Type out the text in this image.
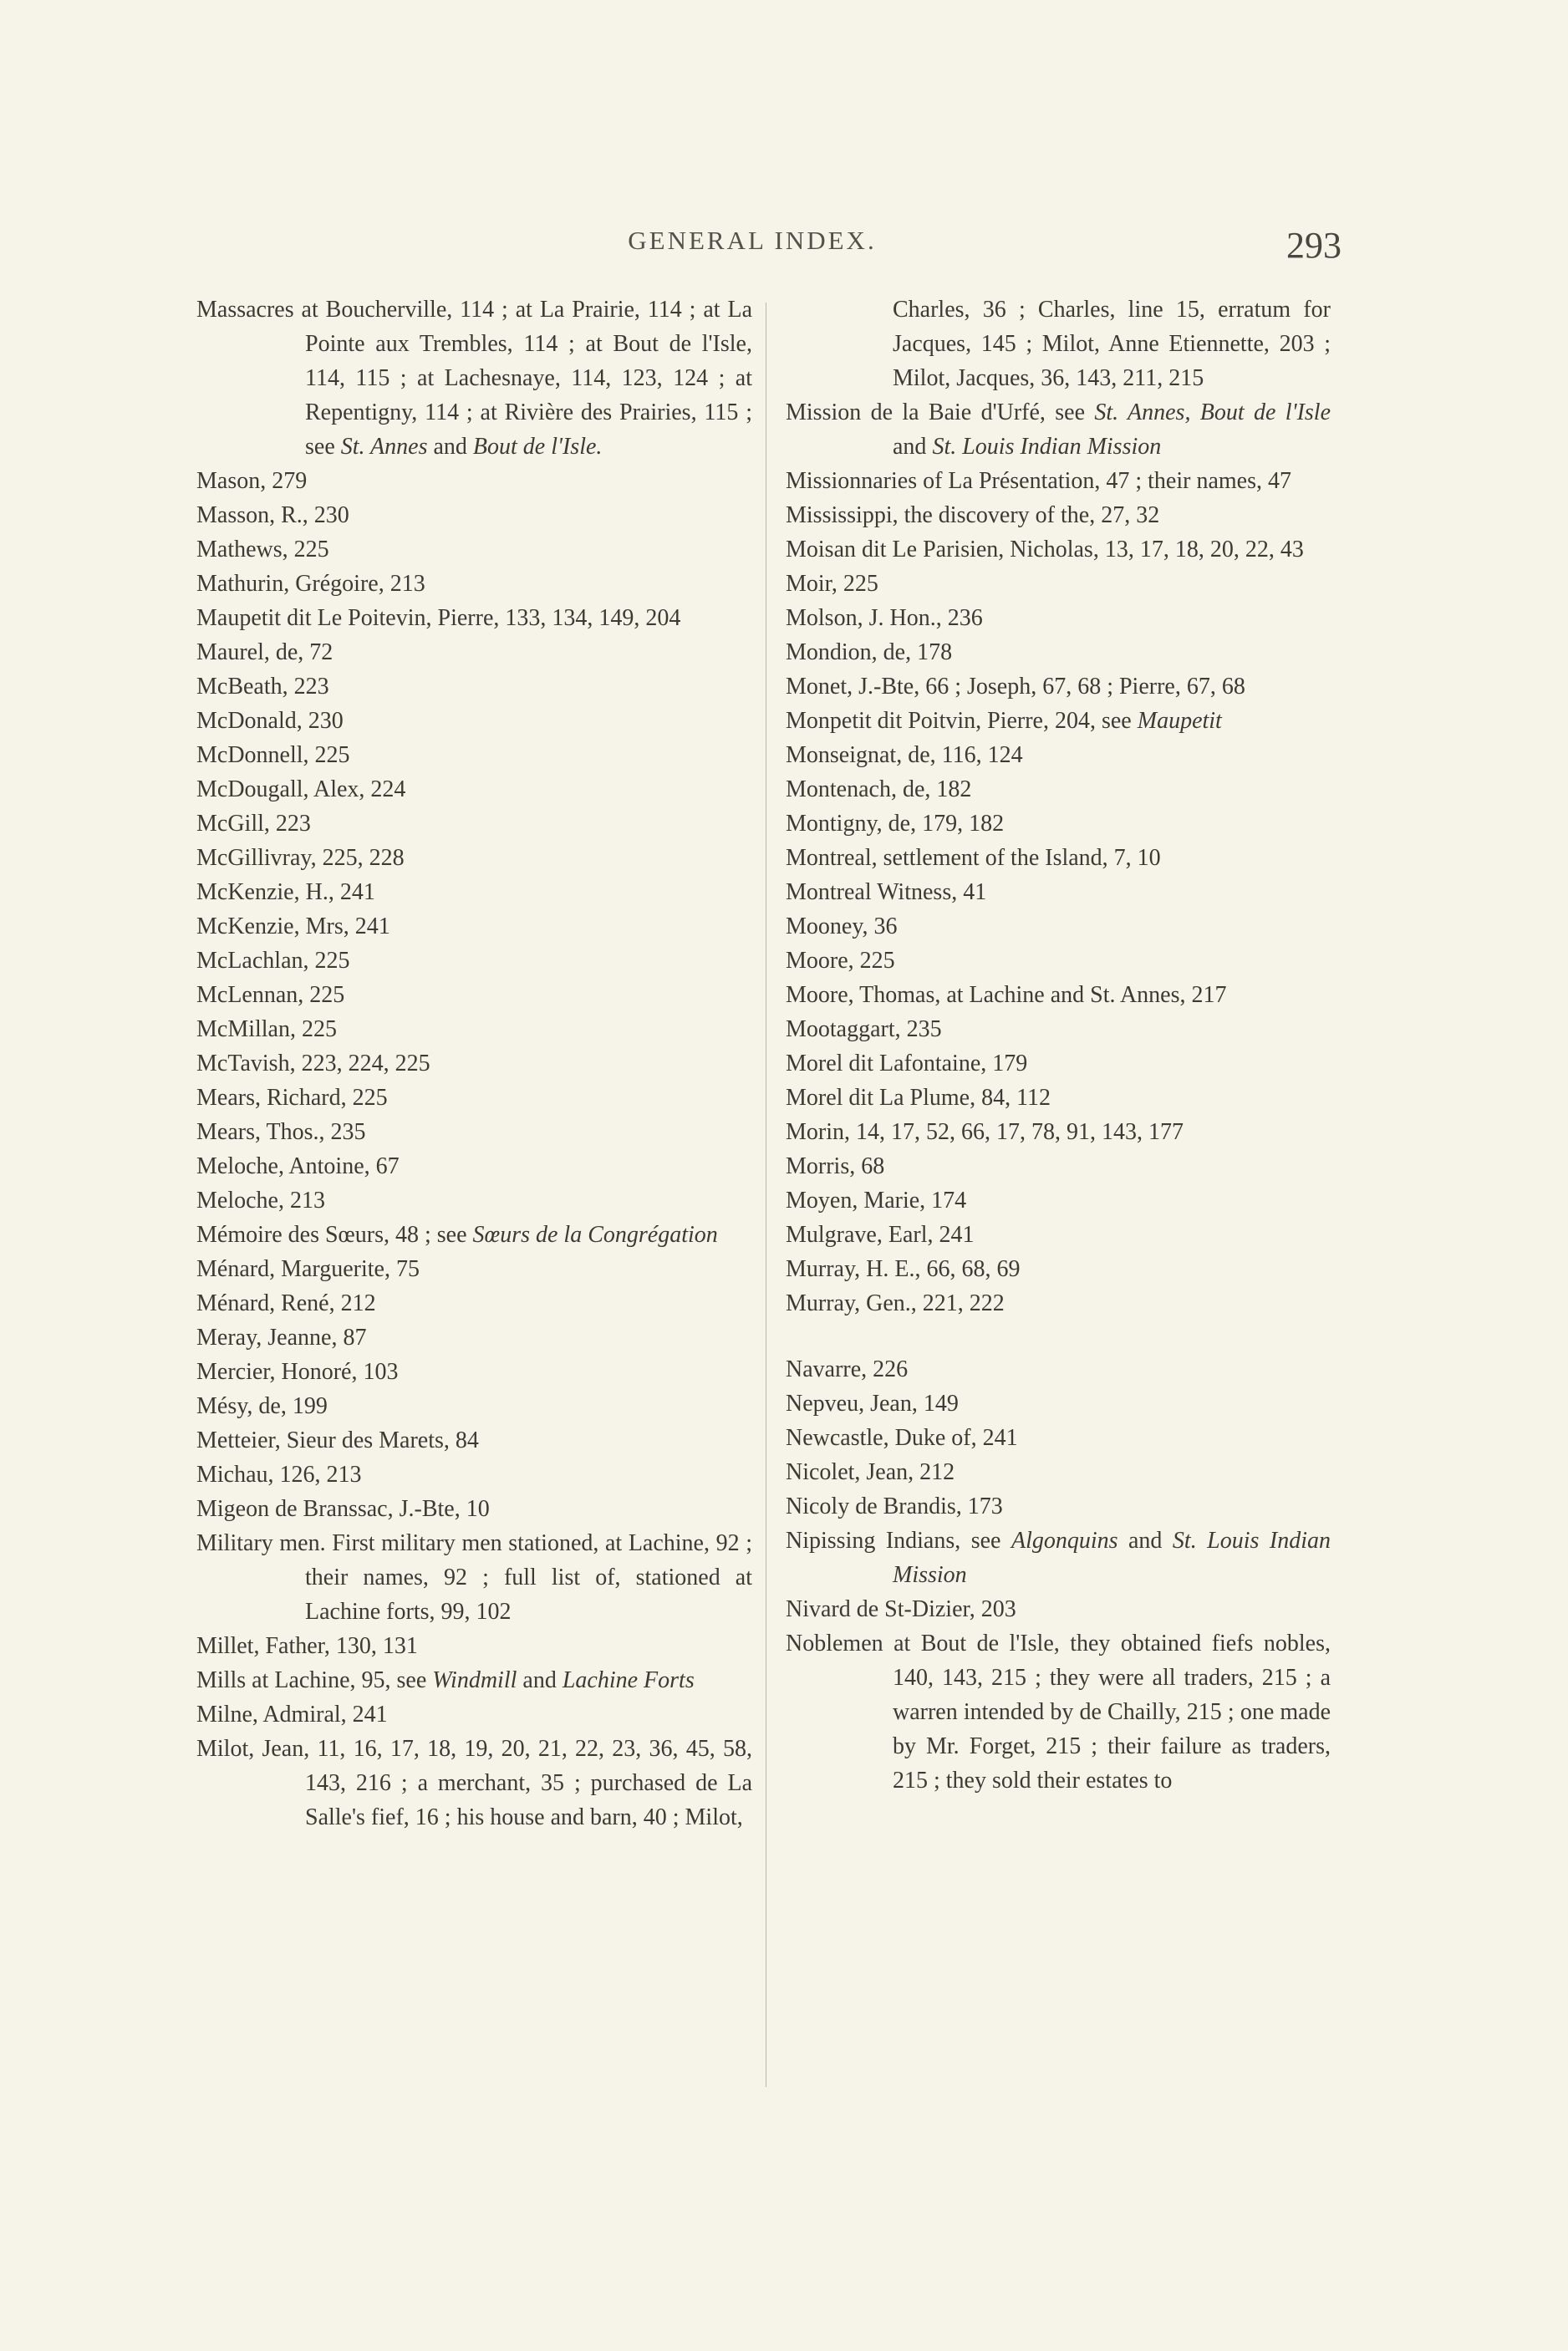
GENERAL INDEX.	293
Massacres at Boucherville, 114 ; at La Prairie, 114 ; at La Pointe aux Trembles, 114 ; at Bout de l'Isle, 114, 115 ; at Lachesnaye, 114, 123, 124 ; at Repentigny, 114 ; at Rivière des Prairies, 115 ; see St. Annes and Bout de l'Isle.
Mason, 279
Masson, R., 230
Mathews, 225
Mathurin, Grégoire, 213
Maupetit dit Le Poitevin, Pierre, 133, 134, 149, 204
Maurel, de, 72
McBeath, 223
McDonald, 230
McDonnell, 225
McDougall, Alex, 224
McGill, 223
McGillivray, 225, 228
McKenzie, H., 241
McKenzie, Mrs, 241
McLachlan, 225
McLennan, 225
McMillan, 225
McTavish, 223, 224, 225
Mears, Richard, 225
Mears, Thos., 235
Meloche, Antoine, 67
Meloche, 213
Mémoire des Sœurs, 48 ; see Sœurs de la Congrégation
Ménard, Marguerite, 75
Ménard, René, 212
Meray, Jeanne, 87
Mercier, Honoré, 103
Mésy, de, 199
Metteier, Sieur des Marets, 84
Michau, 126, 213
Migeon de Branssac, J.-Bte, 10
Military men. First military men stationed, at Lachine, 92 ; their names, 92 ; full list of, stationed at Lachine forts, 99, 102
Millet, Father, 130, 131
Mills at Lachine, 95, see Windmill and Lachine Forts
Milne, Admiral, 241
Milot, Jean, 11, 16, 17, 18, 19, 20, 21, 22, 23, 36, 45, 58, 143, 216 ; a merchant, 35 ; purchased de La Salle's fief, 16 ; his house and barn, 40 ; Milot,
Charles, 36 ; Charles, line 15, erratum for Jacques, 145 ; Milot, Anne Etiennette, 203 ; Milot, Jacques, 36, 143, 211, 215
Mission de la Baie d'Urfé, see St. Annes, Bout de l'Isle and St. Louis Indian Mission
Missionnaries of La Présentation, 47 ; their names, 47
Mississippi, the discovery of the, 27, 32
Moisan dit Le Parisien, Nicholas, 13, 17, 18, 20, 22, 43
Moir, 225
Molson, J. Hon., 236
Mondion, de, 178
Monet, J.-Bte, 66 ; Joseph, 67, 68 ; Pierre, 67, 68
Monpetit dit Poitvin, Pierre, 204, see Maupetit
Monseignat, de, 116, 124
Montenach, de, 182
Montigny, de, 179, 182
Montreal, settlement of the Island, 7, 10
Montreal Witness, 41
Mooney, 36
Moore, 225
Moore, Thomas, at Lachine and St. Annes, 217
Mootaggart, 235
Morel dit Lafontaine, 179
Morel dit La Plume, 84, 112
Morin, 14, 17, 52, 66, 17, 78, 91, 143, 177
Morris, 68
Moyen, Marie, 174
Mulgrave, Earl, 241
Murray, H. E., 66, 68, 69
Murray, Gen., 221, 222
Navarre, 226
Nepveu, Jean, 149
Newcastle, Duke of, 241
Nicolet, Jean, 212
Nicoly de Brandis, 173
Nipissing Indians, see Algonquins and St. Louis Indian Mission
Nivard de St-Dizier, 203
Noblemen at Bout de l'Isle, they obtained fiefs nobles, 140, 143, 215 ; they were all traders, 215 ; a warren intended by de Chailly, 215 ; one made by Mr. Forget, 215 ; their failure as traders, 215 ; they sold their estates to
